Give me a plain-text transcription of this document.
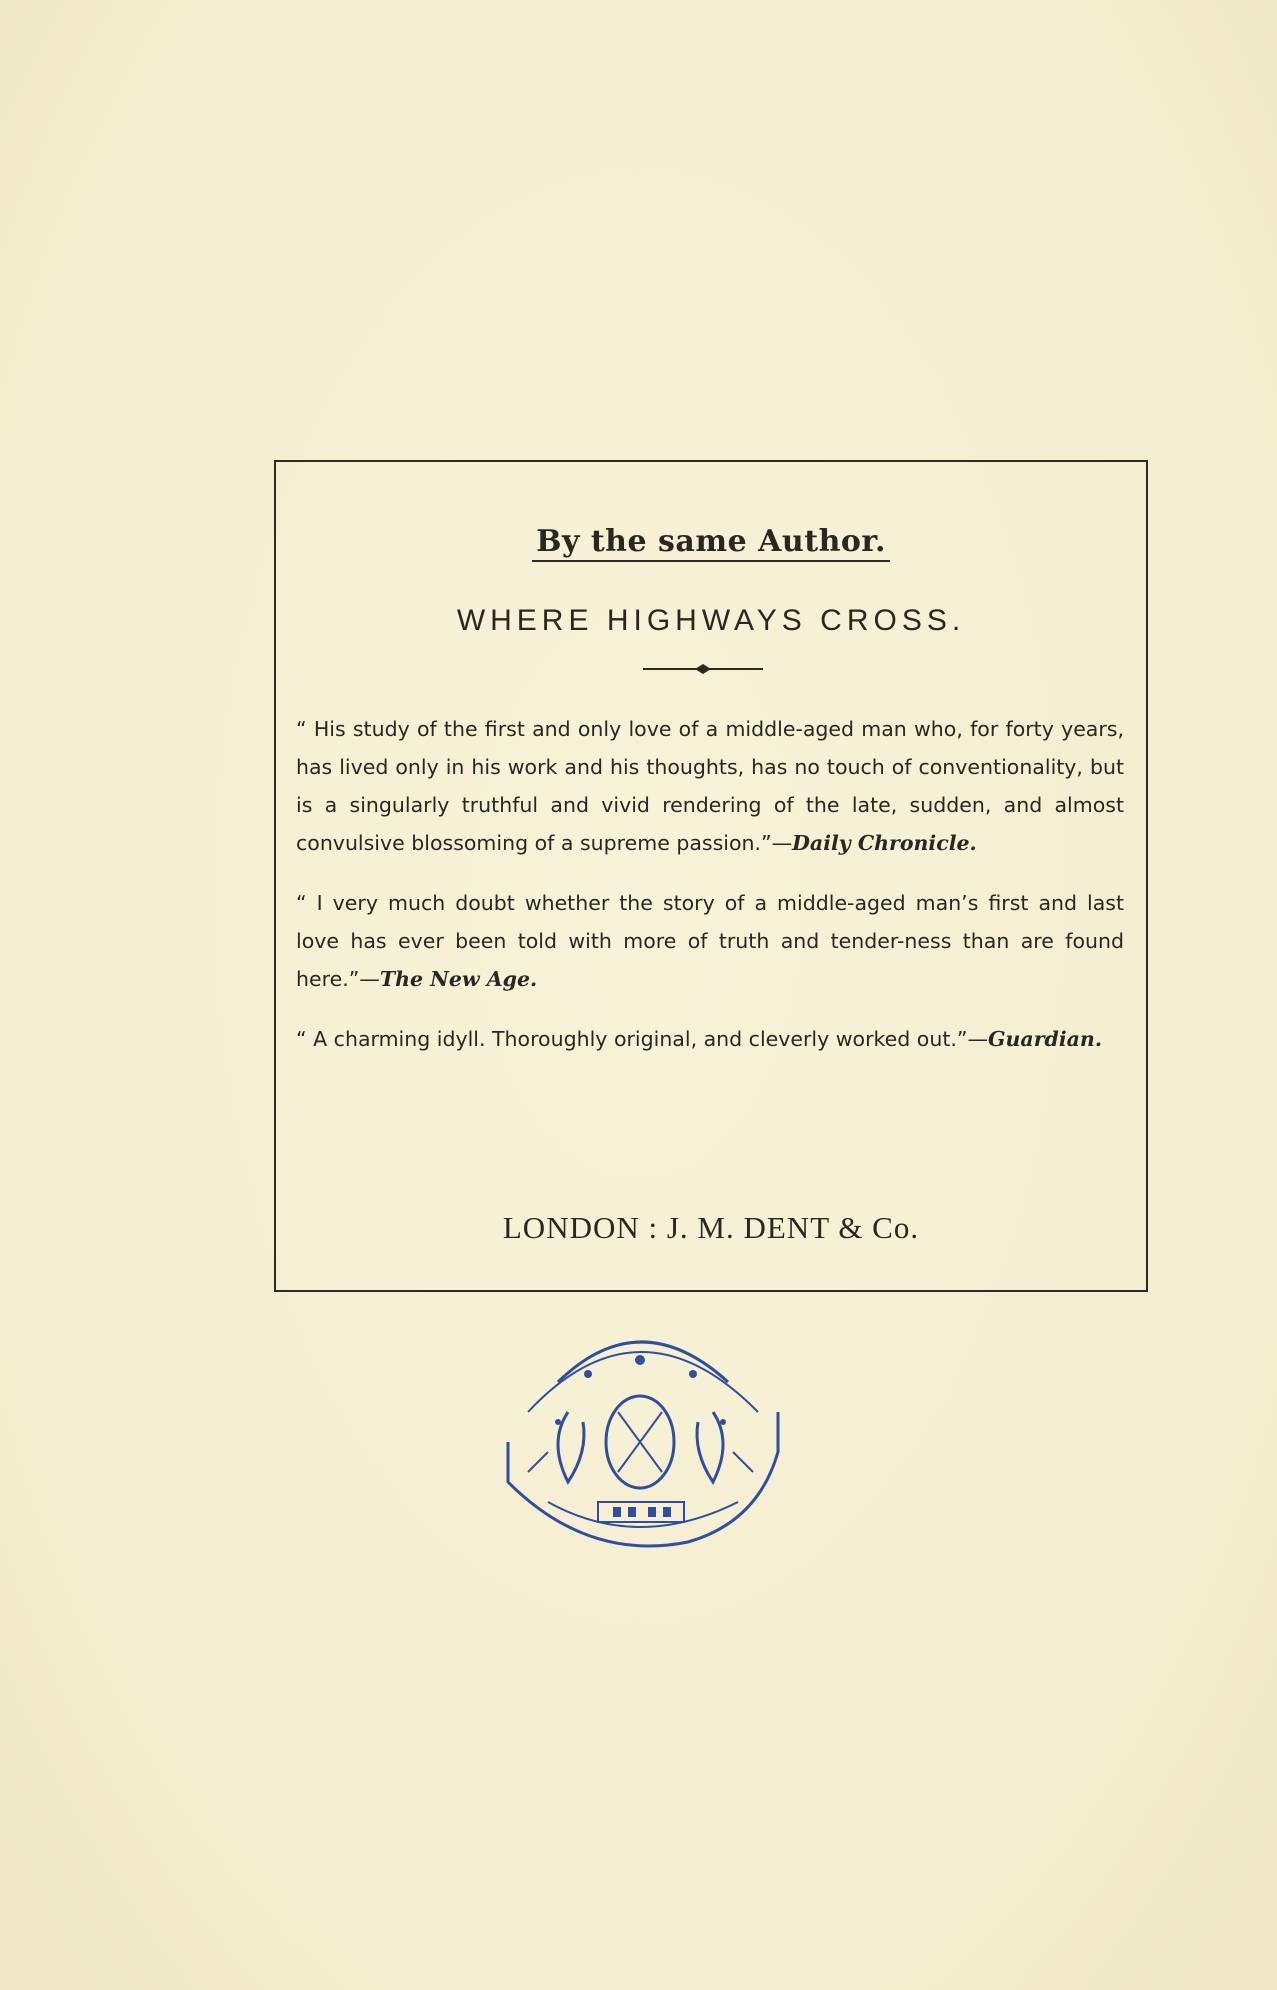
By the same Author.
WHERE HIGHWAYS CROSS.

“ His study of the first and only love of a middle-aged man who, for forty years, has lived only in his work and his thoughts, has no touch of conventionality, but is a singularly truthful and vivid rendering of the late, sudden, and almost convulsive blossoming of a supreme passion.”—Daily Chronicle.

“ I very much doubt whether the story of a middle-aged man’s first and last love has ever been told with more of truth and tender-ness than are found here.”—The New Age.

“ A charming idyll. Thoroughly original, and cleverly worked out.”—Guardian.

LONDON : J. M. DENT & Co.
